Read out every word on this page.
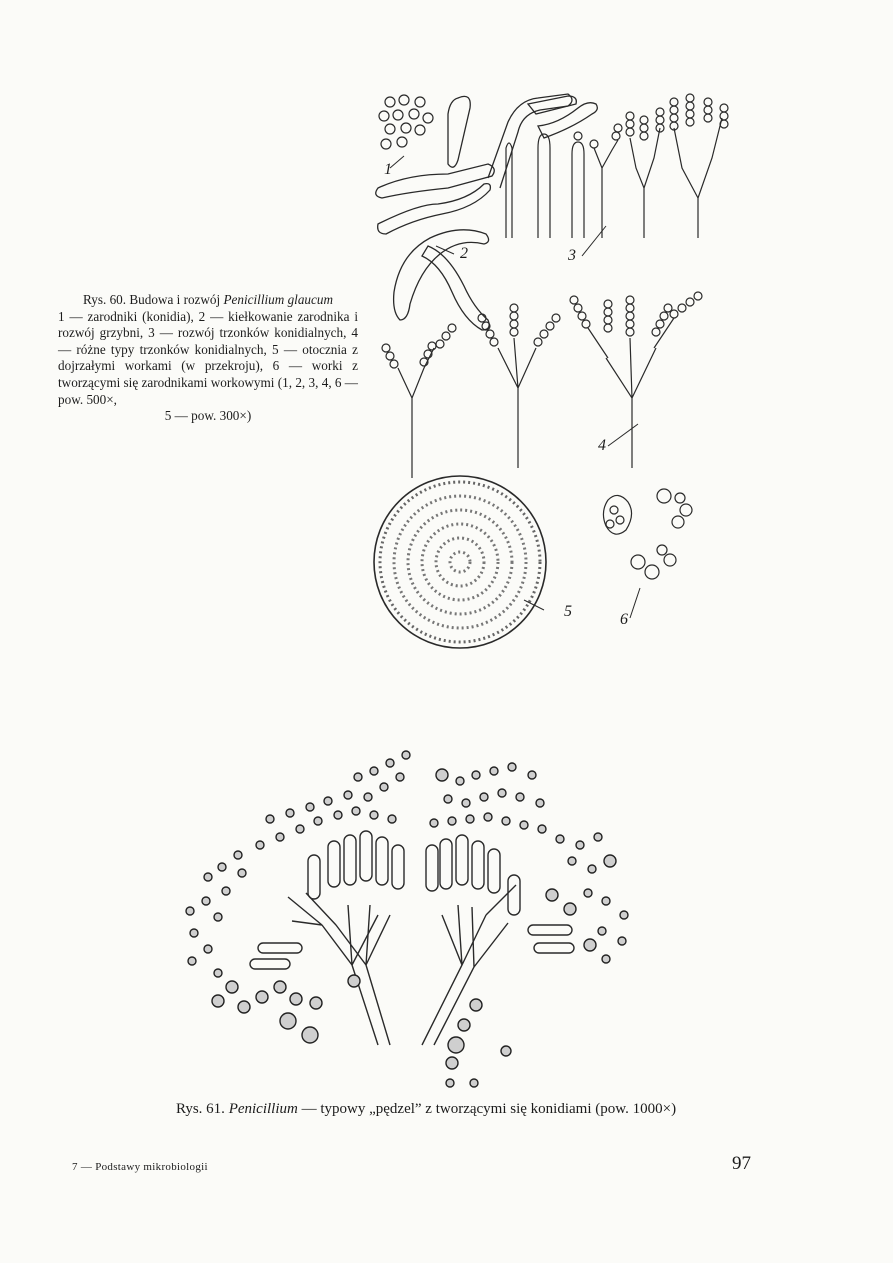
Rys. 60. Budowa i rozwój Penicillium glaucum
1 — zarodniki (konidia), 2 — kiełkowanie zarodnika i rozwój grzybni, 3 — rozwój trzonków konidialnych, 4 — różne typy trzonków konidialnych, 5 — otocznia z dojrzałymi workami (w przekroju), 6 — worki z tworzącymi się zarodnikami workowymi (1, 2, 3, 4, 6 — pow. 500×,
5 — pow. 300×)
1
2	3
4
5	6
Rys. 61. Penicillium — typowy „pędzel” z tworzącymi się konidiami (pow. 1000×)
7 — Podstawy mikrobiologii	97
